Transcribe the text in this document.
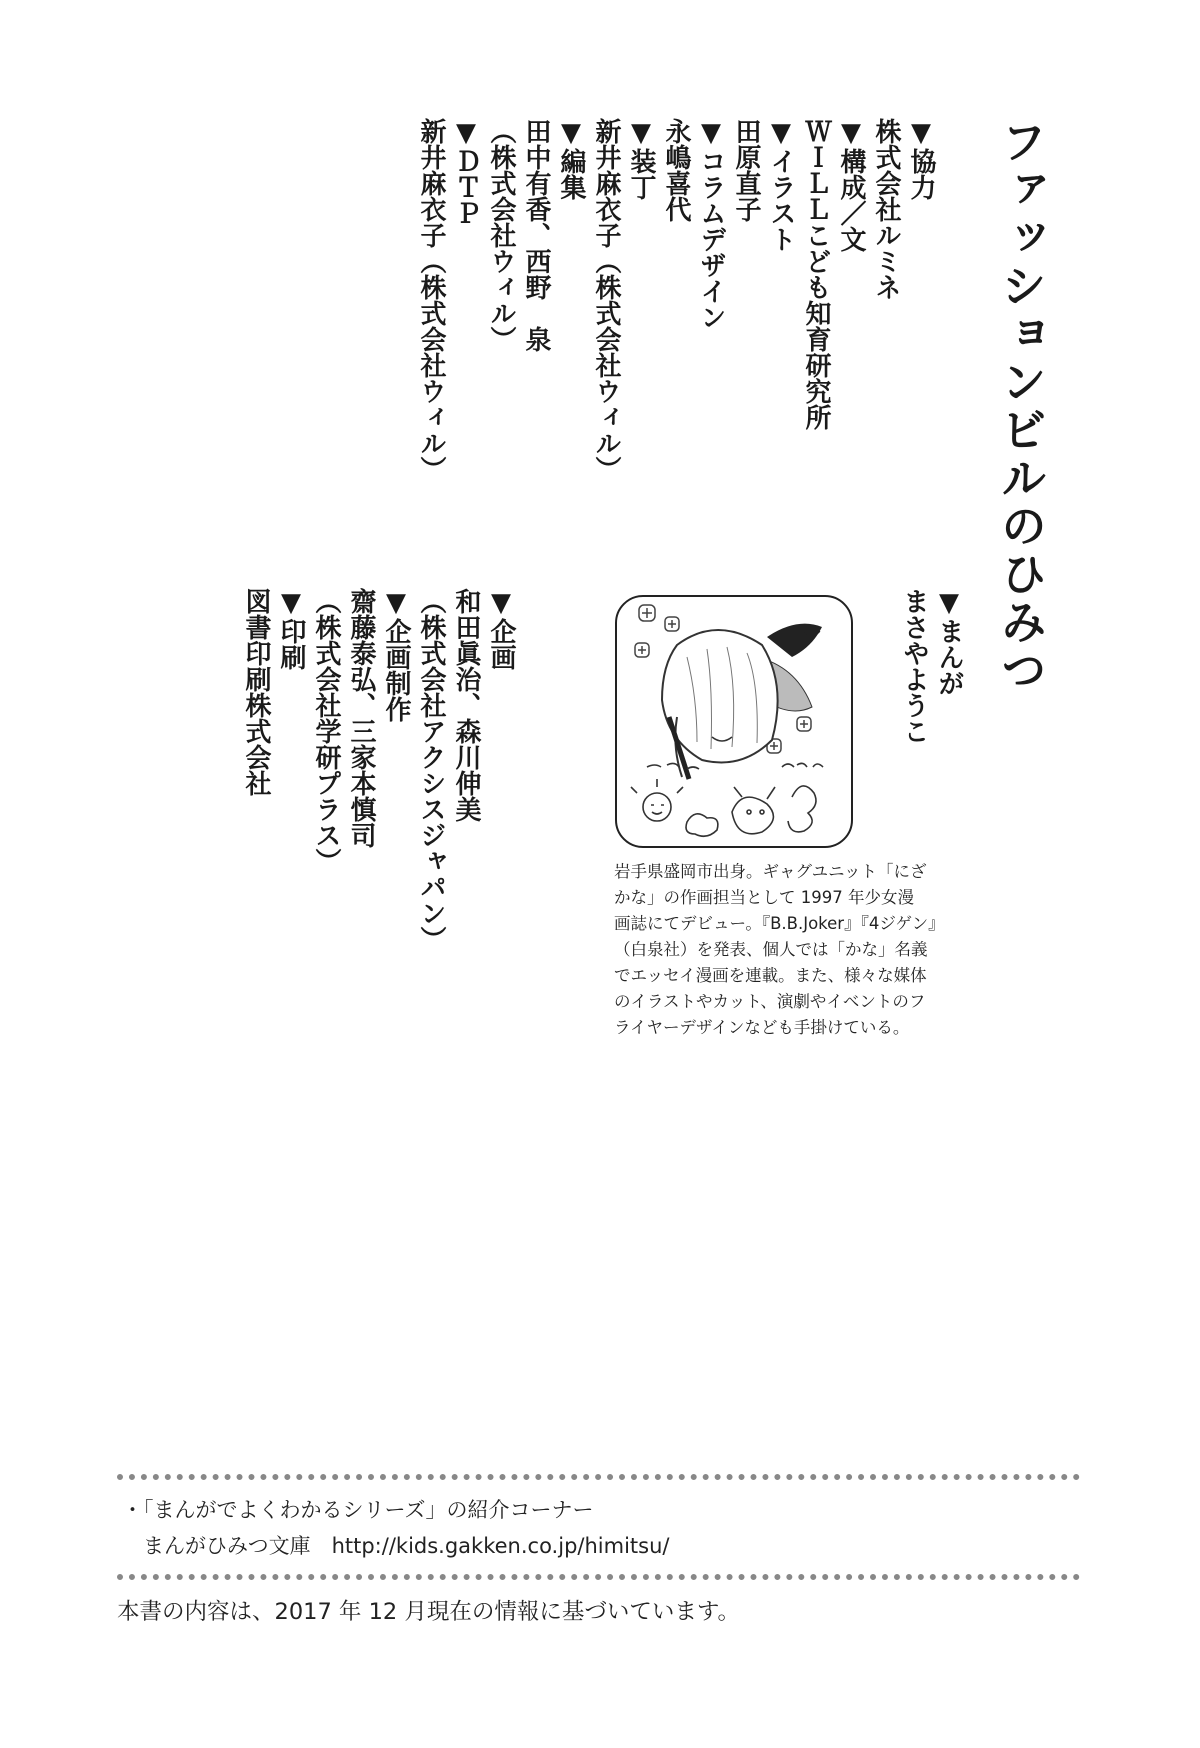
ファッションビルのひみつ
▼協力
株式会社ルミネ
▼構成／文
ＷＩＬＬこども知育研究所
▼イラスト
田原直子
▼コラムデザイン
永嶋喜代
▼装丁
新井麻衣子（株式会社ウィル）
▼編集
田中有香、西野　泉
（株式会社ウィル）
▼ＤＴＰ
新井麻衣子（株式会社ウィル）
▼まんが
まさやようこ
岩手県盛岡市出身。ギャグユニット「にざ
かな」の作画担当として 1997 年少女漫
画誌にてデビュー。『B.B.Joker』『4ジゲン』
（白泉社）を発表、個人では「かな」名義
でエッセイ漫画を連載。また、様々な媒体
のイラストやカット、演劇やイベントのフ
ライヤーデザインなども手掛けている。
▼企画
和田眞治、森川伸美
（株式会社アクシスジャパン）
▼企画制作
齋藤泰弘、三家本慎司
（株式会社学研プラス）
▼印刷
図書印刷株式会社
・「まんがでよくわかるシリーズ」の紹介コーナー
　まんがひみつ文庫　http://kids.gakken.co.jp/himitsu/
本書の内容は、2017 年 12 月現在の情報に基づいています。
